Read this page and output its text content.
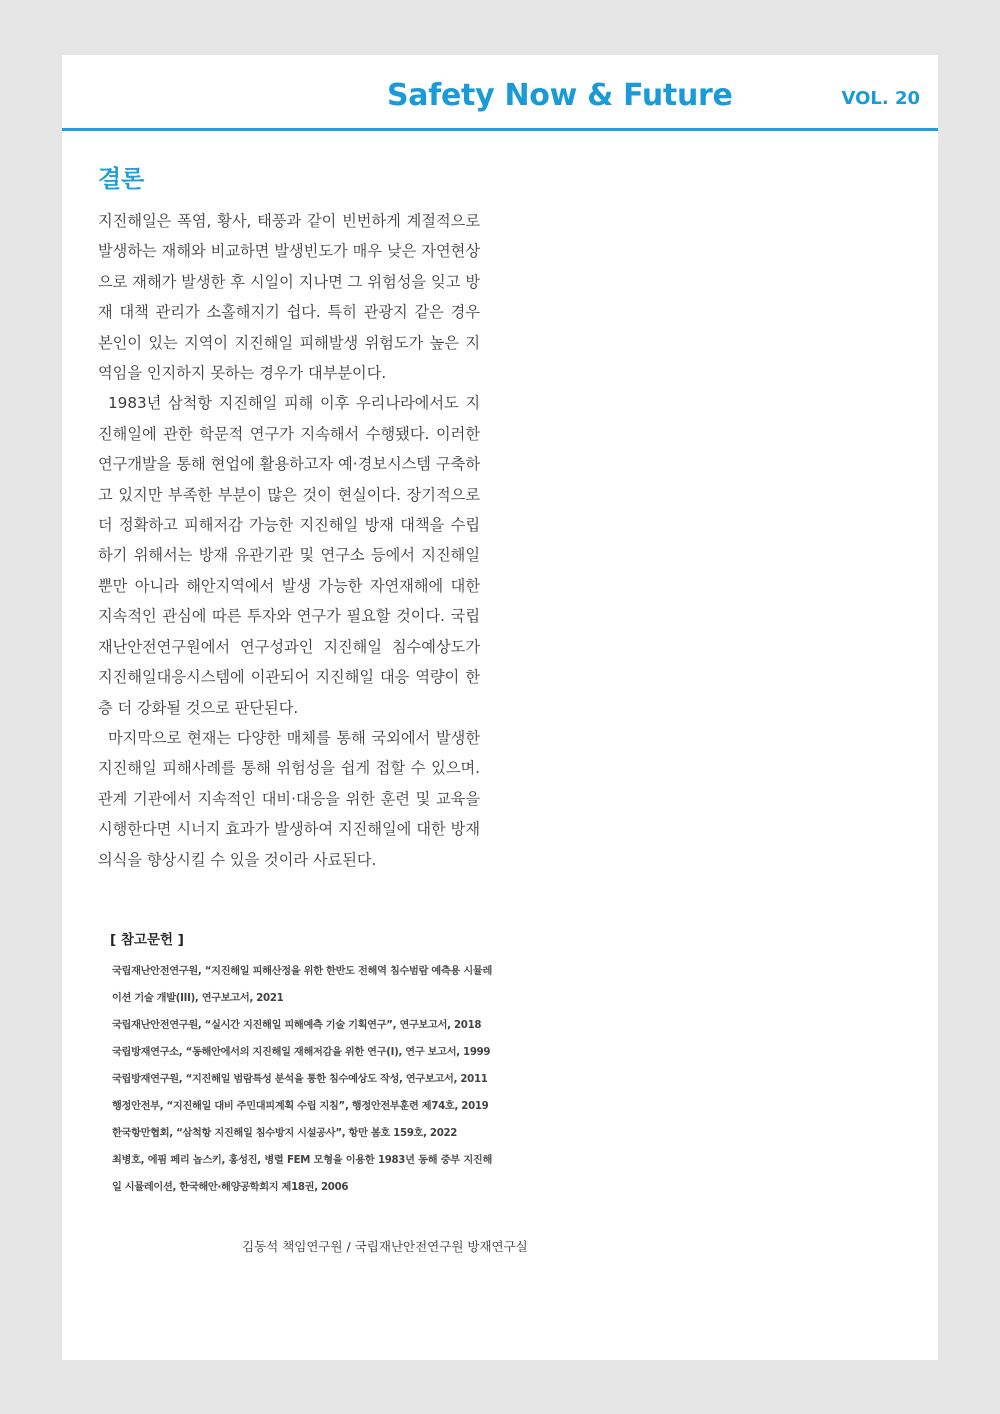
Safety Now & Future	VOL. 20
결론

지진해일은 폭염, 황사, 태풍과 같이 빈번하게 계절적으로 발생하는 재해와 비교하면 발생빈도가 매우 낮은 자연현상으로 재해가 발생한 후 시일이 지나면 그 위험성을 잊고 방재 대책 관리가 소홀해지기 쉽다. 특히 관광지 같은 경우 본인이 있는 지역이 지진해일 피해발생 위험도가 높은 지역임을 인지하지 못하는 경우가 대부분이다.

1983년 삼척항 지진해일 피해 이후 우리나라에서도 지진해일에 관한 학문적 연구가 지속해서 수행됐다. 이러한 연구개발을 통해 현업에 활용하고자 예·경보시스템 구축하고 있지만 부족한 부분이 많은 것이 현실이다. 장기적으로 더 정확하고 피해저감 가능한 지진해일 방재 대책을 수립하기 위해서는 방재 유관기관 및 연구소 등에서 지진해일뿐만 아니라 해안지역에서 발생 가능한 자연재해에 대한 지속적인 관심에 따른 투자와 연구가 필요할 것이다. 국립재난안전연구원에서 연구성과인 지진해일 침수예상도가 지진해일대응시스템에 이관되어 지진해일 대응 역량이 한층 더 강화될 것으로 판단된다.

마지막으로 현재는 다양한 매체를 통해 국외에서 발생한 지진해일 피해사례를 통해 위험성을 쉽게 접할 수 있으며. 관계 기관에서 지속적인 대비·대응을 위한 훈련 및 교육을 시행한다면 시너지 효과가 발생하여 지진해일에 대한 방재의식을 향상시킬 수 있을 것이라 사료된다.

[ 참고문헌 ]

국립재난안전연구원, “지진해일 피해산정을 위한 한반도 전해역 침수범람 예측용 시뮬레이션 기술 개발(III), 연구보고서, 2021

국립재난안전연구원, “실시간 지진해일 피해예측 기술 기획연구”, 연구보고서, 2018

국립방재연구소, “동해안에서의 지진해일 재해저감을 위한 연구(I), 연구 보고서, 1999

국립방재연구원, “지진해일 범람특성 분석을 통한 침수예상도 작성, 연구보고서, 2011

행정안전부, “지진해일 대비 주민대피계획 수립 지침”, 행정안전부훈련 제74호, 2019

한국항만협회, “삼척항 지진해일 침수방지 시설공사”, 항만 봄호 159호, 2022

최병호, 에핌 페리 놉스키, 홍성진, 병렬 FEM 모형을 이용한 1983년 동해 중부 지진해일 시뮬레이션, 한국해안·해양공학회지 제18권, 2006

김동석 책임연구원 / 국립재난안전연구원 방재연구실
